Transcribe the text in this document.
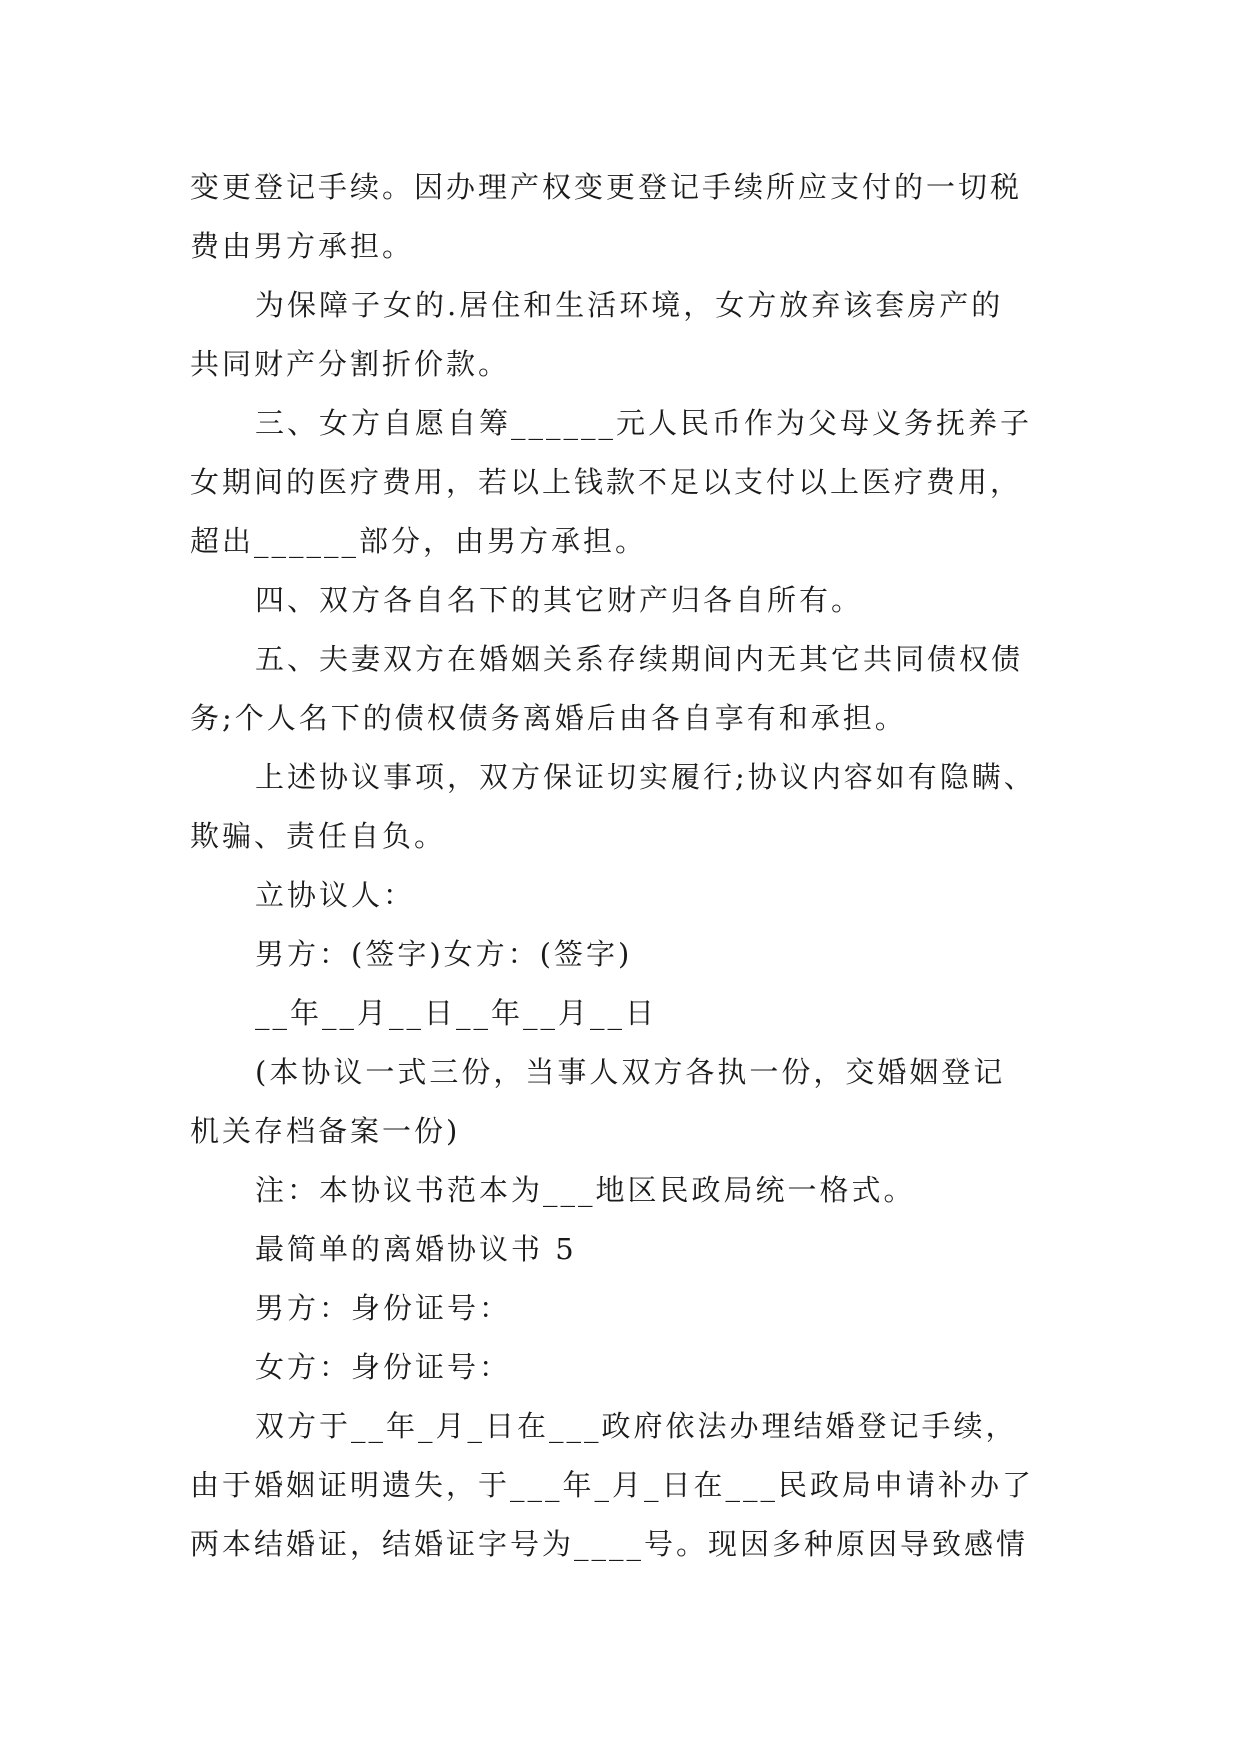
变更登记手续。因办理产权变更登记手续所应支付的一切税
费由男方承担。
为保障子女的.居住和生活环境，女方放弃该套房产的
共同财产分割折价款。
三、女方自愿自筹______元人民币作为父母义务抚养子
女期间的医疗费用，若以上钱款不足以支付以上医疗费用，
超出______部分，由男方承担。
四、双方各自名下的其它财产归各自所有。
五、夫妻双方在婚姻关系存续期间内无其它共同债权债
务;个人名下的债权债务离婚后由各自享有和承担。
上述协议事项，双方保证切实履行;协议内容如有隐瞒、
欺骗、责任自负。
立协议人：
男方：(签字)女方：(签字)
__年__月__日__年__月__日
(本协议一式三份，当事人双方各执一份，交婚姻登记
机关存档备案一份)
注：本协议书范本为___地区民政局统一格式。
最简单的离婚协议书 5
男方：身份证号：
女方：身份证号：
双方于__年_月_日在___政府依法办理结婚登记手续，
由于婚姻证明遗失，于___年_月_日在___民政局申请补办了
两本结婚证，结婚证字号为____号。现因多种原因导致感情
